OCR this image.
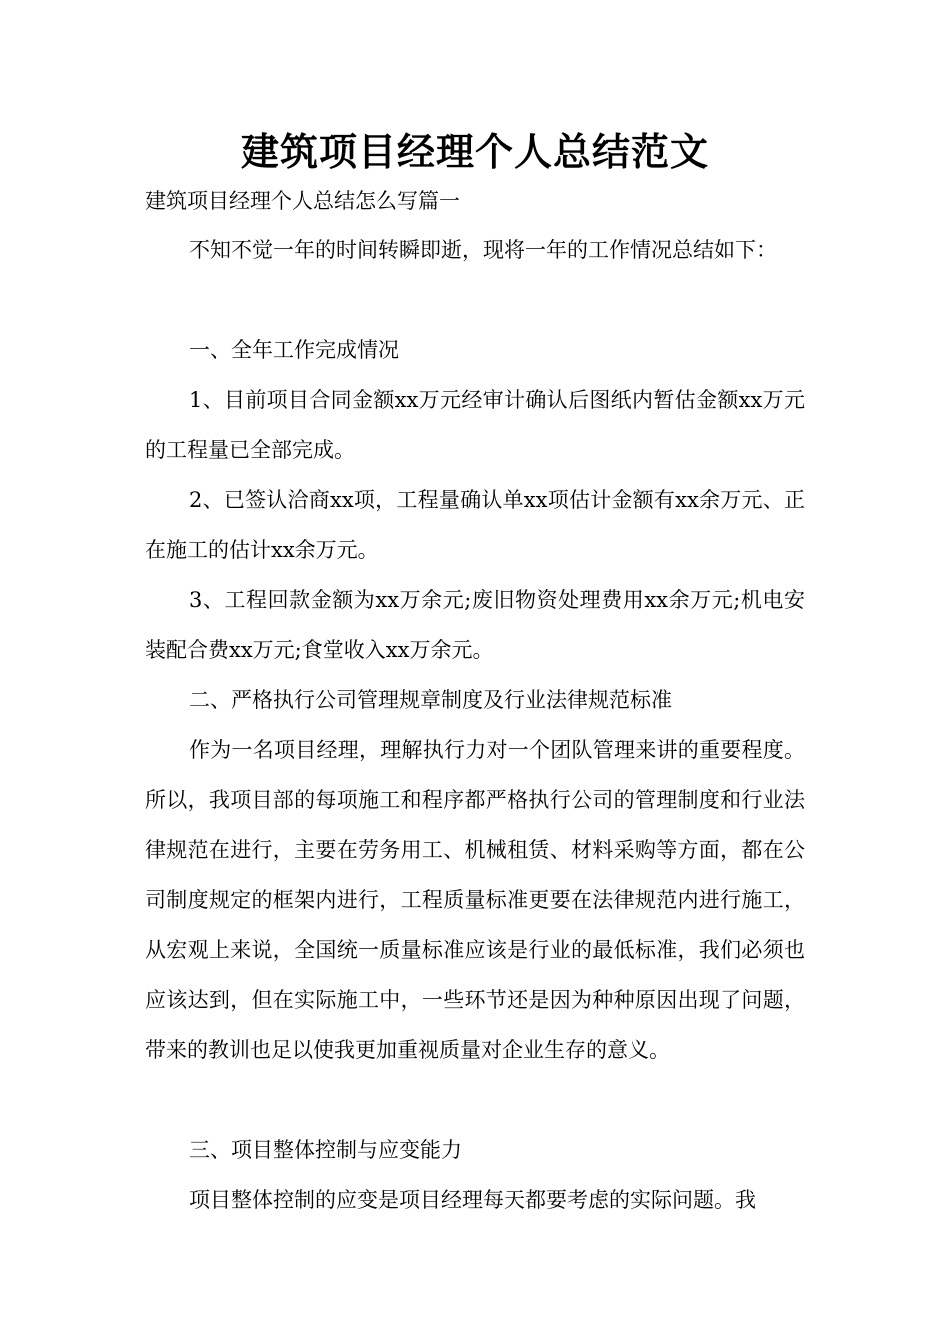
建筑项目经理个人总结范文
建筑项目经理个人总结怎么写篇一

不知不觉一年的时间转瞬即逝，现将一年的工作情况总结如下：

一、全年工作完成情况

1、目前项目合同金额xx万元经审计确认后图纸内暂估金额xx万元的工程量已全部完成。

2、已签认洽商xx项，工程量确认单xx项估计金额有xx余万元、正在施工的估计xx余万元。

3、工程回款金额为xx万余元;废旧物资处理费用xx余万元;机电安装配合费xx万元;食堂收入xx万余元。

二、严格执行公司管理规章制度及行业法律规范标准

作为一名项目经理，理解执行力对一个团队管理来讲的重要程度。所以，我项目部的每项施工和程序都严格执行公司的管理制度和行业法律规范在进行，主要在劳务用工、机械租赁、材料采购等方面，都在公司制度规定的框架内进行，工程质量标准更要在法律规范内进行施工，从宏观上来说，全国统一质量标准应该是行业的最低标准，我们必须也应该达到，但在实际施工中，一些环节还是因为种种原因出现了问题，带来的教训也足以使我更加重视质量对企业生存的意义。

三、项目整体控制与应变能力

项目整体控制的应变是项目经理每天都要考虑的实际问题。我
